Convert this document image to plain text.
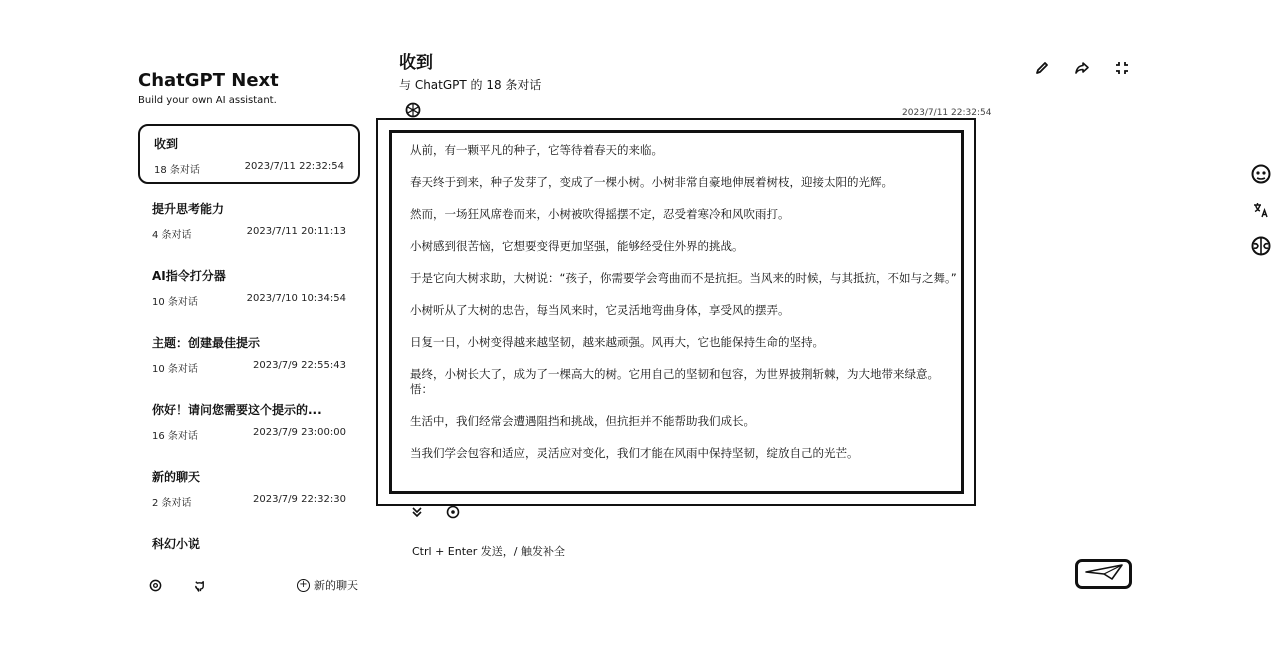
ChatGPT Next
Build your own AI assistant.
收到
18 条对话	2023/7/11 22:32:54
提升思考能力
4 条对话	2023/7/11 20:11:13
AI指令打分器
10 条对话	2023/7/10 10:34:54
主题：创建最佳提示
10 条对话	2023/7/9 22:55:43
你好！请问您需要这个提示的...
16 条对话	2023/7/9 23:00:00
新的聊天
2 条对话	2023/7/9 22:32:30
科幻小说
+ 新的聊天
收到
与 ChatGPT 的 18 条对话
2023/7/11 22:32:54

从前，有一颗平凡的种子，它等待着春天的来临。

春天终于到来，种子发芽了，变成了一棵小树。小树非常自豪地伸展着树枝，迎接太阳的光辉。

然而，一场狂风席卷而来，小树被吹得摇摆不定，忍受着寒冷和风吹雨打。

小树感到很苦恼，它想要变得更加坚强，能够经受住外界的挑战。

于是它向大树求助，大树说：“孩子，你需要学会弯曲而不是抗拒。当风来的时候，与其抵抗，不如与之舞。”

小树听从了大树的忠告，每当风来时，它灵活地弯曲身体，享受风的摆弄。

日复一日，小树变得越来越坚韧，越来越顽强。风再大，它也能保持生命的坚持。

最终，小树长大了，成为了一棵高大的树。它用自己的坚韧和包容，为世界披荆斩棘，为大地带来绿意。悟：

生活中，我们经常会遭遇阻挡和挑战，但抗拒并不能帮助我们成长。

当我们学会包容和适应，灵活应对变化，我们才能在风雨中保持坚韧，绽放自己的光芒。

Ctrl + Enter 发送，/ 触发补全
